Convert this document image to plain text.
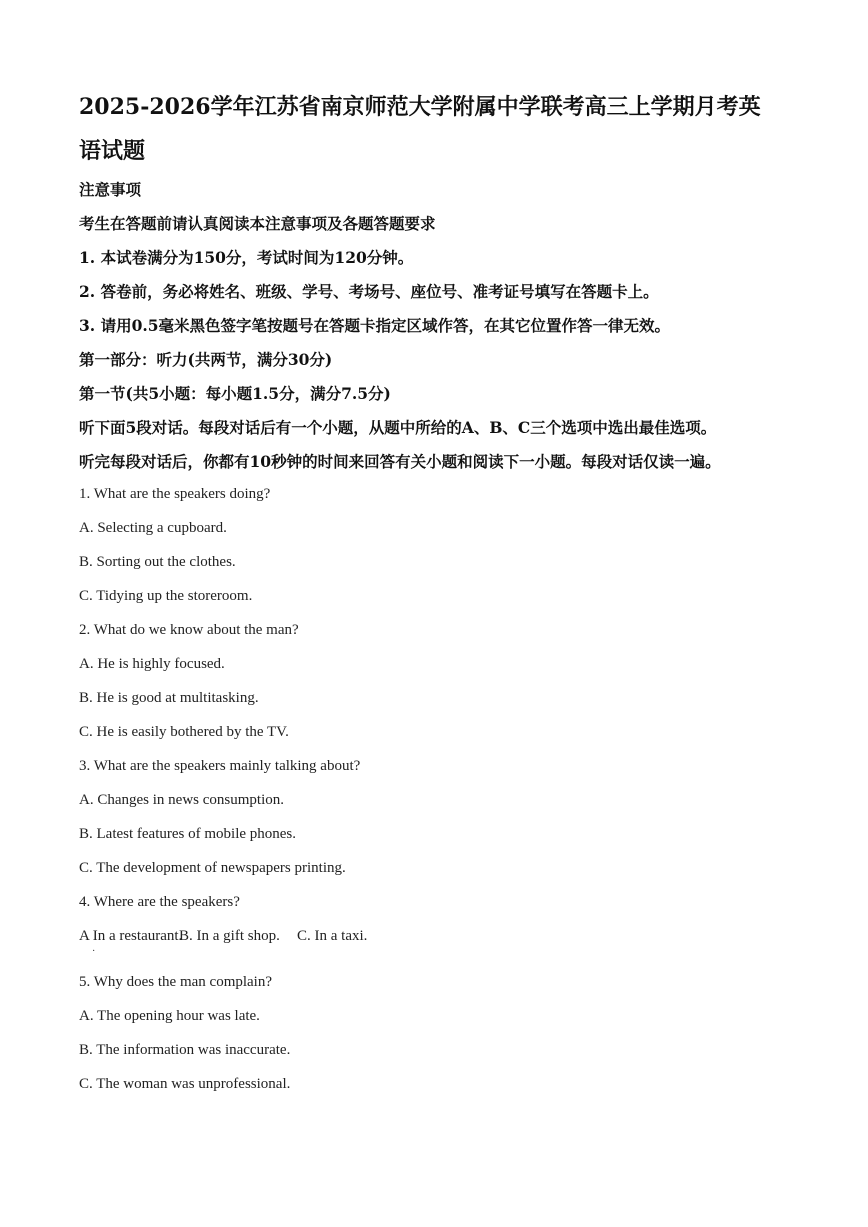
2025-2026学年江苏省南京师范大学附属中学联考高三上学期月考英
语试题
注意事项
考生在答题前请认真阅读本注意事项及各题答题要求
1. 本试卷满分为150分，考试时间为120分钟。
2. 答卷前，务必将姓名、班级、学号、考场号、座位号、准考证号填写在答题卡上。
3. 请用0.5毫米黑色签字笔按题号在答题卡指定区域作答，在其它位置作答一律无效。
第一部分：听力(共两节，满分30分)
第一节(共5小题：每小题1.5分，满分7.5分)
听下面5段对话。每段对话后有一个小题，从题中所给的A、B、C三个选项中选出最佳选项。
听完每段对话后，你都有10秒钟的时间来回答有关小题和阅读下一小题。每段对话仅读一遍。
1. What are the speakers doing?
A. Selecting a cupboard.
B. Sorting out the clothes.
C. Tidying up the storeroom.
2. What do we know about the man?
A. He is highly focused.
B. He is good at multitasking.
C. He is easily bothered by the TV.
3. What are the speakers mainly talking about?
A. Changes in news consumption.
B. Latest features of mobile phones.
C. The development of newspapers printing.
4. Where are the speakers?
A In a restaurant.B. In a gift shop. C. In a taxi.
·
5. Why does the man complain?
A. The opening hour was late.
B. The information was inaccurate.
C. The woman was unprofessional.
